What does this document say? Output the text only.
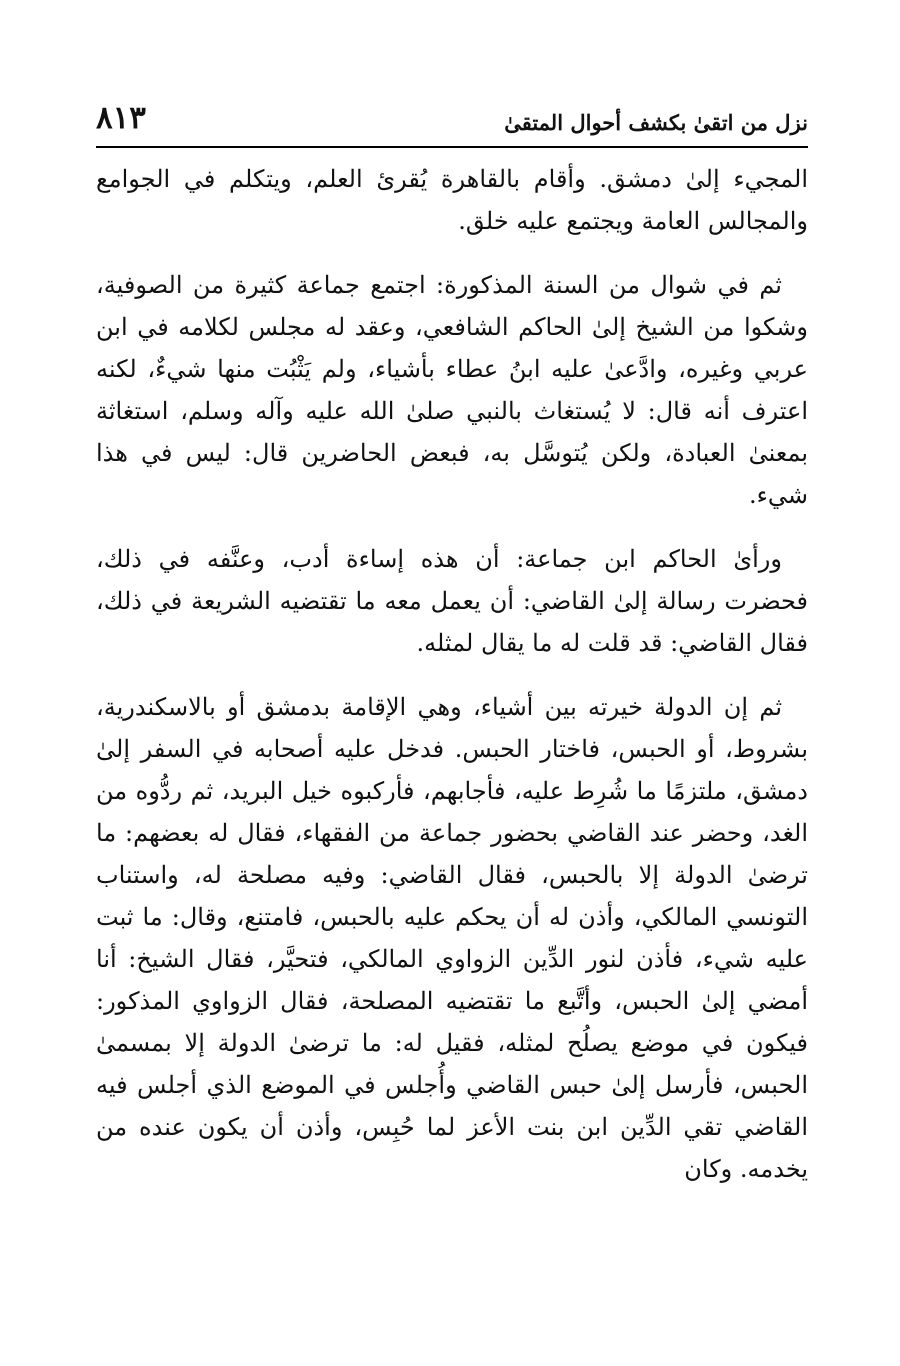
نزل من اتقىٰ بكشف أحوال المتقىٰ
٨١٣

المجيء إلىٰ دمشق. وأقام بالقاهرة يُقرئ العلم، ويتكلم في الجوامع والمجالس العامة ويجتمع عليه خلق.

ثم في شوال من السنة المذكورة: اجتمع جماعة كثيرة من الصوفية، وشكوا من الشيخ إلىٰ الحاكم الشافعي، وعقد له مجلس لكلامه في ابن عربي وغيره، وادَّعىٰ عليه ابنُ عطاء بأشياء، ولم يَثْبُت منها شيءٌ، لكنه اعترف أنه قال: لا يُستغاث بالنبي صلىٰ الله عليه وآله وسلم، استغاثة بمعنىٰ العبادة، ولكن يُتوسَّل به، فبعض الحاضرين قال: ليس في هذا شيء.

ورأىٰ الحاكم ابن جماعة: أن هذه إساءة أدب، وعنَّفه في ذلك، فحضرت رسالة إلىٰ القاضي: أن يعمل معه ما تقتضيه الشريعة في ذلك، فقال القاضي: قد قلت له ما يقال لمثله.

ثم إن الدولة خيرته بين أشياء، وهي الإقامة بدمشق أو بالاسكندرية، بشروط، أو الحبس، فاختار الحبس. فدخل عليه أصحابه في السفر إلىٰ دمشق، ملتزمًا ما شُرِط عليه، فأجابهم، فأركبوه خيل البريد، ثم ردُّوه من الغد، وحضر عند القاضي بحضور جماعة من الفقهاء، فقال له بعضهم: ما ترضىٰ الدولة إلا بالحبس، فقال القاضي: وفيه مصلحة له، واستناب التونسي المالكي، وأذن له أن يحكم عليه بالحبس، فامتنع، وقال: ما ثبت عليه شيء، فأذن لنور الدِّين الزواوي المالكي، فتحيَّر، فقال الشيخ: أنا أمضي إلىٰ الحبس، وأتَّبع ما تقتضيه المصلحة، فقال الزواوي المذكور: فيكون في موضع يصلُح لمثله، فقيل له: ما ترضىٰ الدولة إلا بمسمىٰ الحبس، فأرسل إلىٰ حبس القاضي وأُجلس في الموضع الذي أجلس فيه القاضي تقي الدِّين ابن بنت الأعز لما حُبِس، وأذن أن يكون عنده من يخدمه. وكان
